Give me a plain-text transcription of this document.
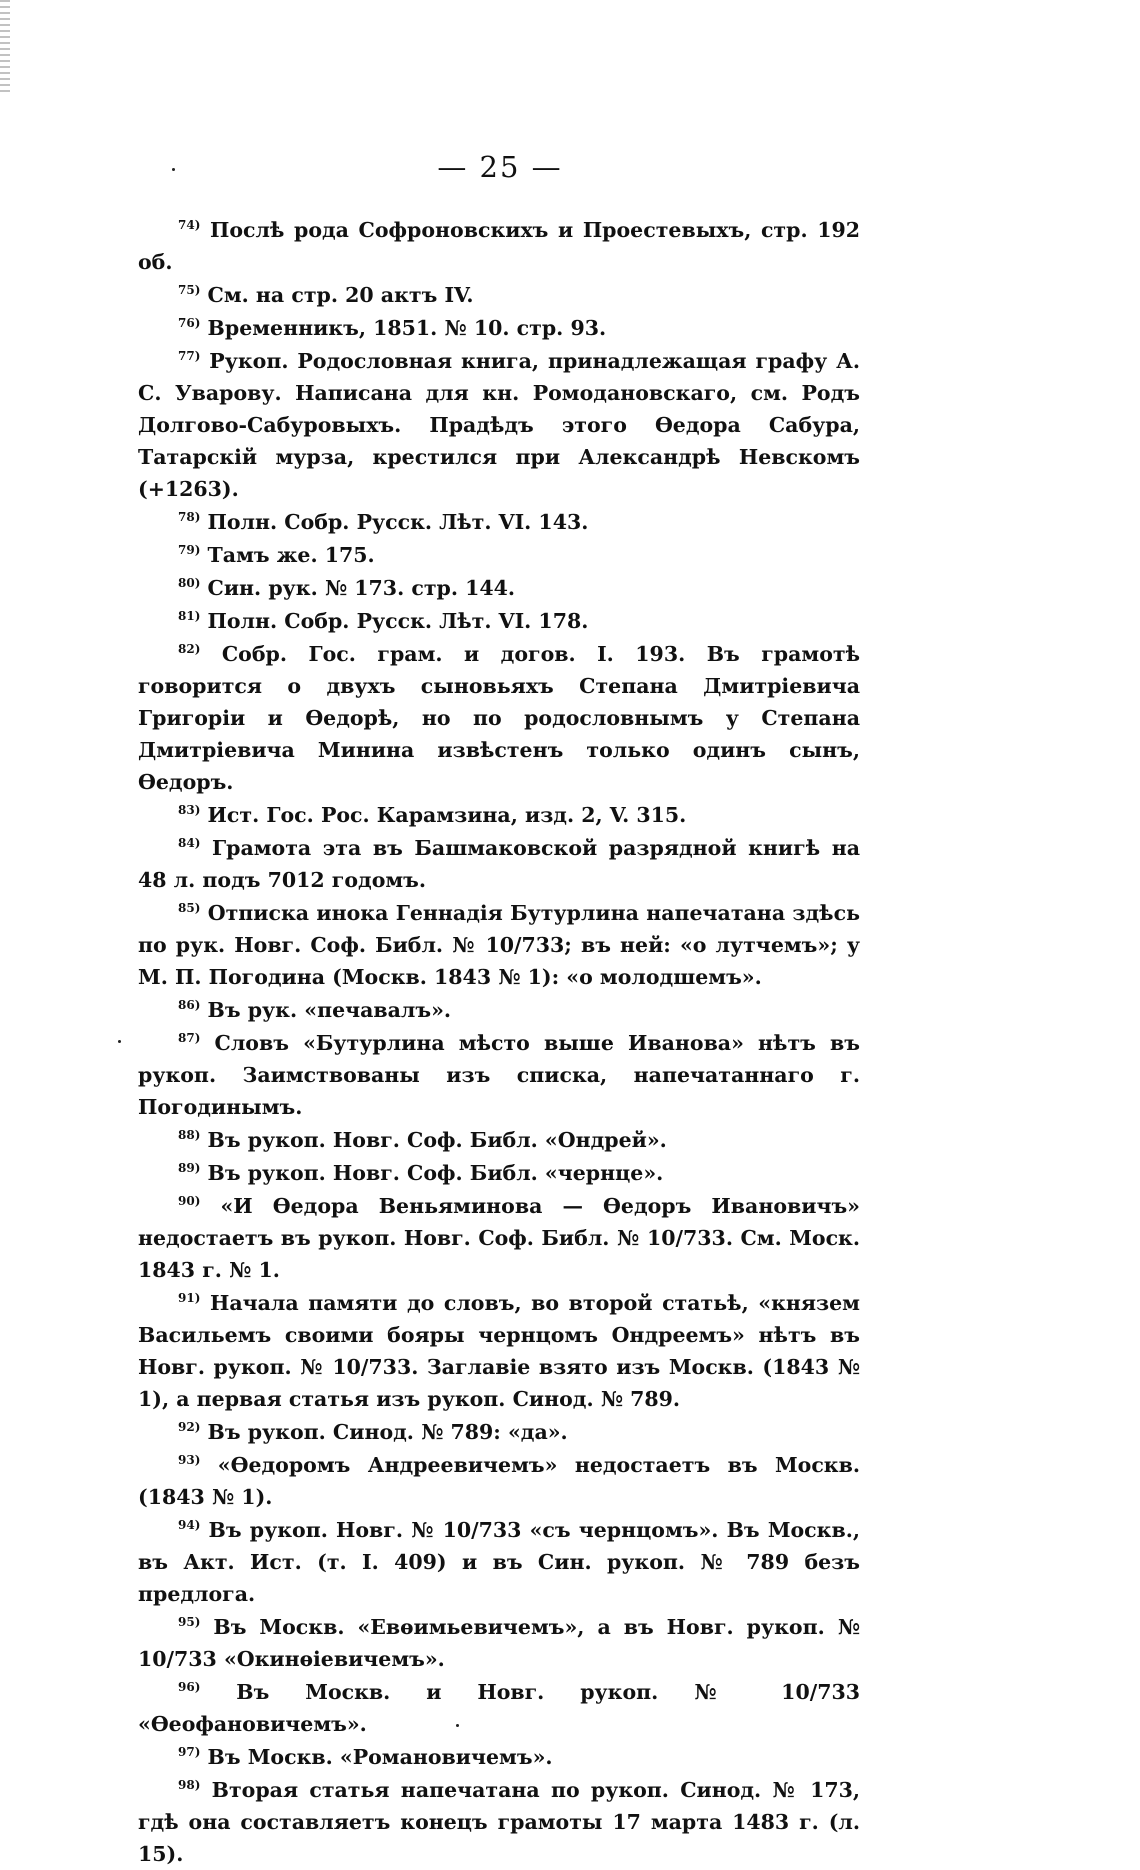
— 25 —

$^{74)}$ Послѣ рода Софроновскихъ и Проестевыхъ, стр. 192 об.

$^{75)}$ См. на стр. 20 актъ IV.

$^{76)}$ Временникъ, 1851. № 10. стр. 93.

$^{77)}$ Рукоп. Родословная книга, принадлежащая графу А. С. Уварову. Написана для кн. Ромодановскаго, см. Родъ Долгово-Сабуровыхъ. Прадѣдъ этого Ѳедора Сабура, Татарскій мурза, крестился при Александрѣ Невскомъ (+1263).

$^{78)}$ Полн. Собр. Русск. Лѣт. VI. 143.

$^{79)}$ Тамъ же. 175.

$^{80)}$ Син. рук. № 173. стр. 144.

$^{81)}$ Полн. Собр. Русск. Лѣт. VI. 178.

$^{82)}$ Собр. Гос. грам. и догов. I. 193. Въ грамотѣ говорится о двухъ сыновьяхъ Степана Дмитріевича Григоріи и Ѳедорѣ, но по родословнымъ у Степана Дмитріевича Минина извѣстенъ только одинъ сынъ, Ѳедоръ.

$^{83)}$ Ист. Гос. Рос. Карамзина, изд. 2, V. 315.

$^{84)}$ Грамота эта въ Башмаковской разрядной книгѣ на 48 л. подъ 7012 годомъ.

$^{85)}$ Отписка инока Геннадія Бутурлина напечатана здѣсь по рук. Новг. Соф. Библ. № 10/733; въ ней: «о лутчемъ»; у М. П. Погодина (Москв. 1843 № 1): «о молодшемъ».

$^{86)}$ Въ рук. «печавалъ».

$^{87)}$ Словъ «Бутурлина мѣсто выше Иванова» нѣтъ въ рукоп. Заимствованы изъ списка, напечатаннаго г. Погодинымъ.

$^{88)}$ Въ рукоп. Новг. Соф. Библ. «Ондрей».

$^{89)}$ Въ рукоп. Новг. Соф. Библ. «чернце».

$^{90)}$ «И Ѳедора Веньяминова — Ѳедоръ Ивановичъ» недостаетъ въ рукоп. Новг. Соф. Библ. № 10/733. См. Моск. 1843 г. № 1.

$^{91)}$ Начала памяти до словъ, во второй статьѣ, «князем Васильемъ своими бояры чернцомъ Ондреемъ» нѣтъ въ Новг. рукоп. № 10/733. Заглавіе взято изъ Москв. (1843 № 1), а первая статья изъ рукоп. Синод. № 789.

$^{92)}$ Въ рукоп. Синод. № 789: «да».

$^{93)}$ «Ѳедоромъ Андреевичемъ» недостаетъ въ Москв. (1843 № 1).

$^{94)}$ Въ рукоп. Новг. № 10/733 «съ чернцомъ». Въ Москв., въ Акт. Ист. (т. I. 409) и въ Син. рукоп. № 789 безъ предлога.

$^{95)}$ Въ Москв. «Евѳимьевичемъ», а въ Новг. рукоп. № 10/733 «Окинѳіевичемъ».

$^{96)}$ Въ Москв. и Новг. рукоп. № 10/733 «Ѳеофановичемъ».

$^{97)}$ Въ Москв. «Романовичемъ».

$^{98)}$ Вторая статья напечатана по рукоп. Синод. № 173, гдѣ она составляетъ конецъ грамоты 17 марта 1483 г. (л. 15).
